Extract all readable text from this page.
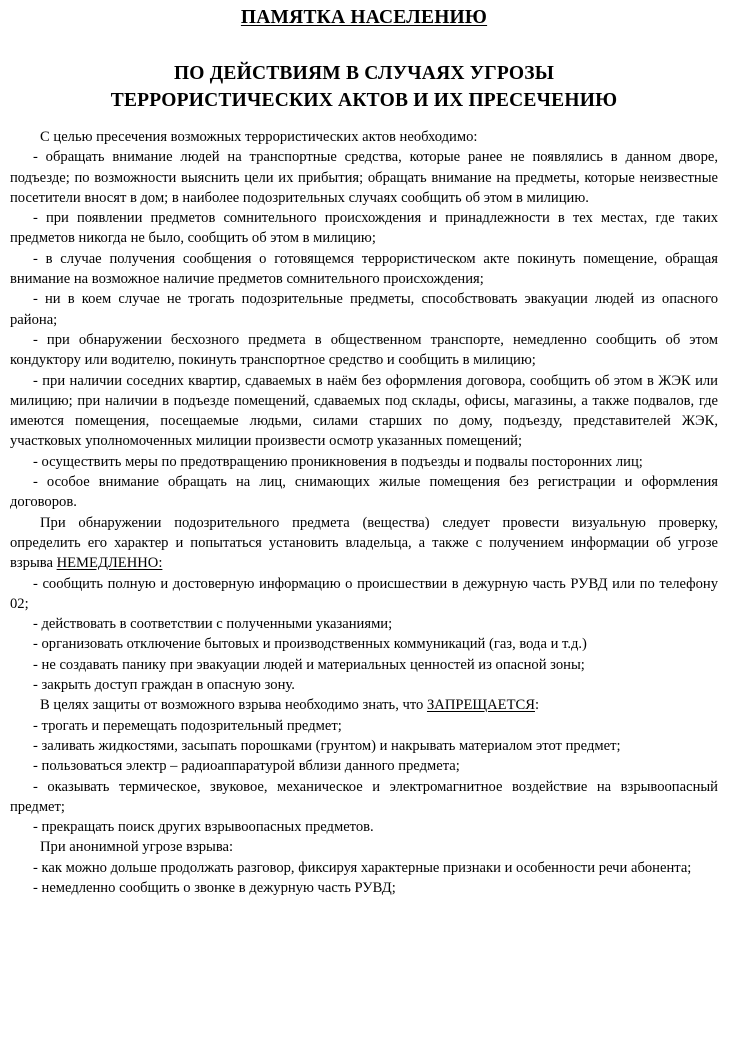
ПАМЯТКА НАСЕЛЕНИЮ
ПО ДЕЙСТВИЯМ В СЛУЧАЯХ УГРОЗЫ
ТЕРРОРИСТИЧЕСКИХ АКТОВ И ИХ ПРЕСЕЧЕНИЮ

С целью пресечения возможных террористических актов необходимо:

- обращать внимание людей на транспортные средства, которые ранее не появлялись в данном дворе, подъезде; по возможности выяснить цели их прибытия; обращать внимание на предметы, которые неизвестные посетители вносят в дом; в наиболее подозрительных случаях сообщить об этом в милицию.

- при появлении предметов сомнительного происхождения и принадлежности в тех местах, где таких предметов никогда не было, сообщить об этом в милицию;

- в случае получения сообщения о готовящемся террористическом акте покинуть помещение, обращая внимание на возможное наличие предметов сомнительного происхождения;

- ни в коем случае не трогать подозрительные предметы, способствовать эвакуации людей из опасного района;

- при обнаружении бесхозного предмета в общественном транспорте, немедленно сообщить об этом кондуктору или водителю, покинуть транспортное средство и сообщить в милицию;

- при наличии соседних квартир, сдаваемых в наём без оформления договора, сообщить об этом в ЖЭК или милицию; при наличии в подъезде помещений, сдаваемых под склады, офисы, магазины, а также подвалов, где имеются помещения, посещаемые людьми, силами старших по дому, подъезду, представителей ЖЭК, участковых уполномоченных милиции произвести осмотр указанных помещений;

- осуществить меры по предотвращению проникновения в подъезды и подвалы посторонних лиц;

- особое внимание обращать на лиц, снимающих жилые помещения без регистрации и оформления договоров.

При обнаружении подозрительного предмета (вещества) следует провести визуальную проверку, определить его характер и попытаться установить владельца, а также с получением информации об угрозе взрыва НЕМЕДЛЕННО:

- сообщить полную и достоверную информацию о происшествии в дежурную часть РУВД или по телефону 02;

- действовать в соответствии с полученными указаниями;

- организовать отключение бытовых и производственных коммуникаций (газ, вода и т.д.)

- не создавать панику при эвакуации людей и материальных ценностей из опасной зоны;

- закрыть доступ граждан в опасную зону.

В целях защиты от возможного взрыва необходимо знать, что ЗАПРЕЩАЕТСЯ:

- трогать и перемещать подозрительный предмет;

- заливать жидкостями, засыпать порошками (грунтом) и накрывать материалом этот предмет;

- пользоваться электр – радиоаппаратурой вблизи данного предмета;

- оказывать термическое, звуковое, механическое и электромагнитное воздействие на взрывоопасный предмет;

- прекращать поиск других взрывоопасных предметов.

При анонимной угрозе взрыва:

- как можно дольше продолжать разговор, фиксируя характерные признаки и особенности речи абонента;

- немедленно сообщить о звонке в дежурную часть РУВД;
